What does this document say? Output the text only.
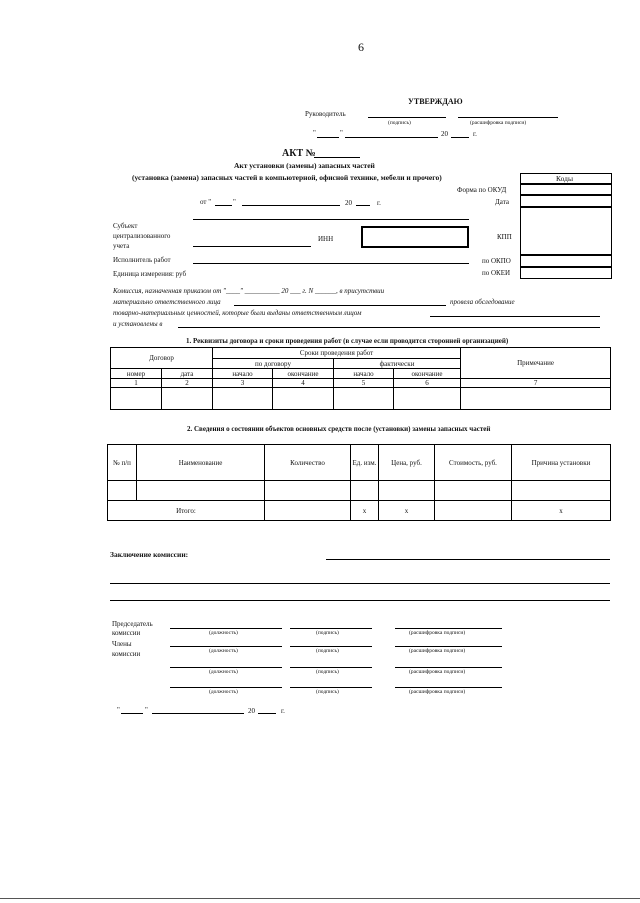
6
УТВЕРЖДАЮ
Руководитель
(подпись)	(расшифровка подписи)
"	"	20	г.
АКТ №
Акт установки (замены) запасных частей
(установка (замена) запасных частей в компьютерной, офисной технике, мебели и прочего)	Коды
Форма по ОКУД
Дата
КПП
по ОКПО
по ОКЕИ
от "	"	20	г.
Субъект
централизованного
учета
ИНН
Исполнитель работ
Единица измерения: руб
Комиссия, назначенная приказом от "____" __________ 20 ___ г. N ______, в присутствии
материально ответственного лица	провела обследование
товарно-материальных ценностей, которые были выданы ответственным лицом
и установлены в
1. Реквизиты договора и сроки проведения работ (в случае если проводится сторонней организацией)
Договор		Сроки проведения работ				Примечание
		по договору		фактически		
номер	дата	начало	окончание	начало	окончание	
1	2	3	4	5	6	7

2. Сведения о состоянии объектов основных средств после (установки) замены запасных частей
№ п/п	Наименование	Количество	Ед. изм.	Цена, руб.	Стоимость, руб.	Причина установки

Итого:			x	x		x
Заключение комиссии:
Председатель
комиссии
Члены
комиссии
(должность)	(подпись)	(расшифровка подписи)
(должность)	(подпись)	(расшифровка подписи)
(должность)	(подпись)	(расшифровка подписи)
(должность)	(подпись)	(расшифровка подписи)
"	"	20	г.
